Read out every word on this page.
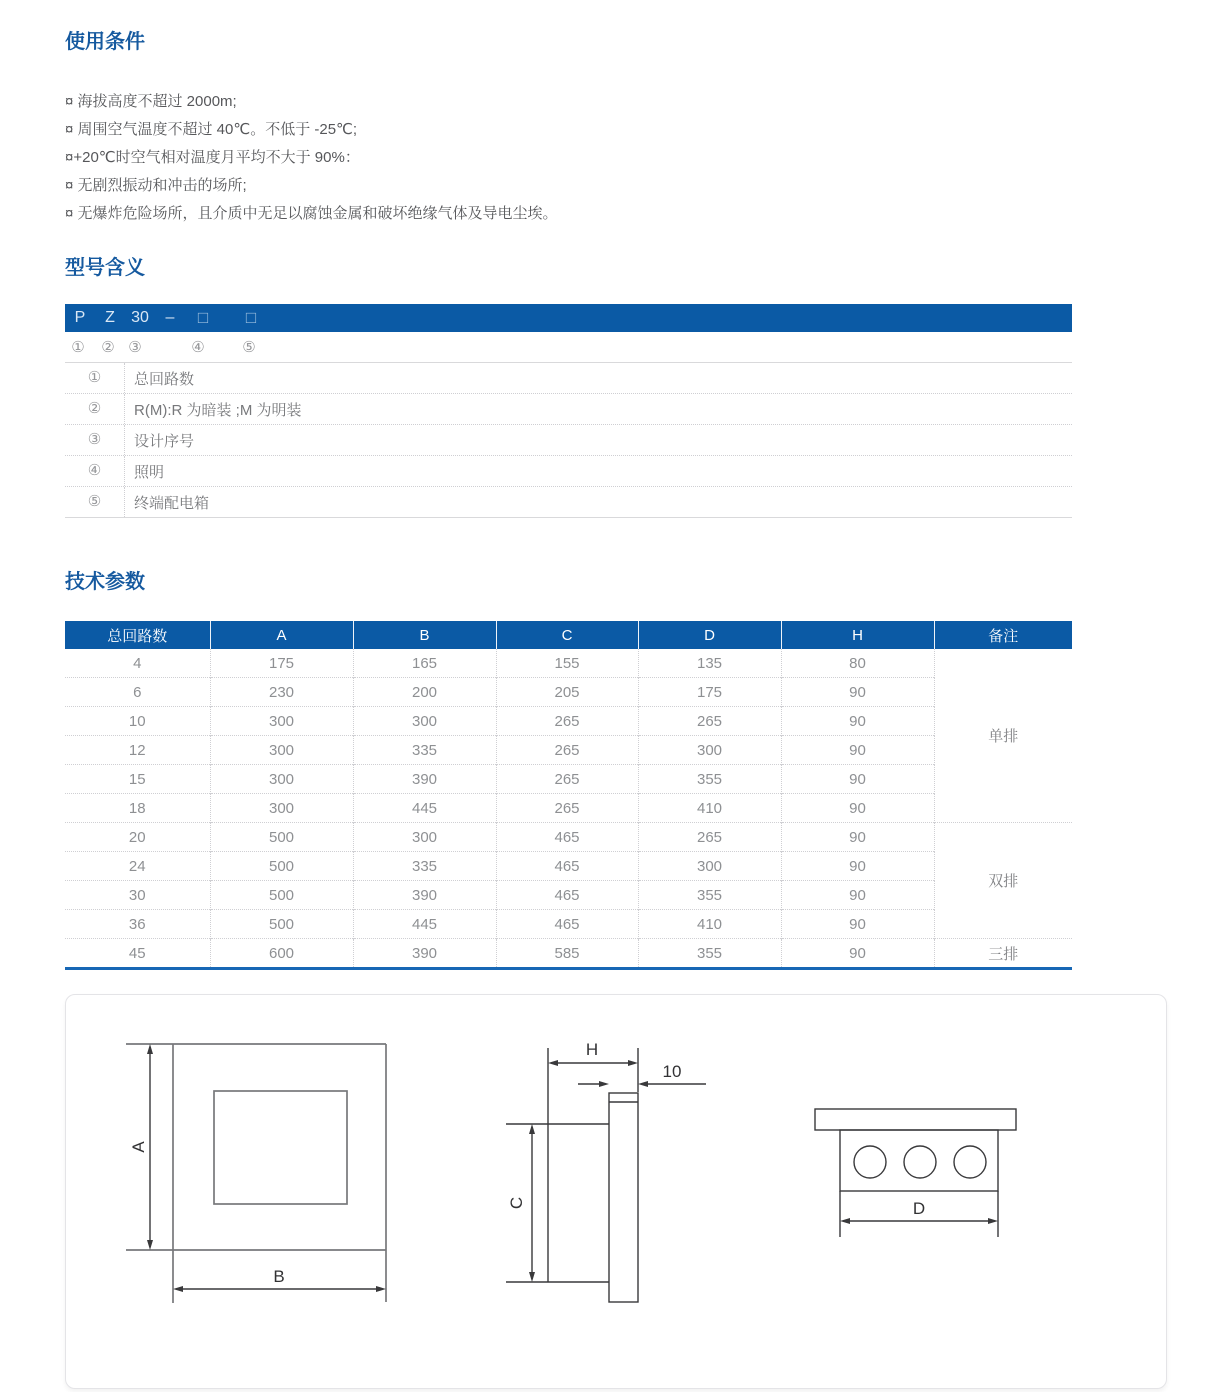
使用条件
¤ 海拔高度不超过 2000m;
¤ 周围空气温度不超过 40℃。不低于 -25℃;
¤+20℃时空气相对温度月平均不大于 90%：
¤ 无剧烈振动和冲击的场所;
¤ 无爆炸危险场所，且介质中无足以腐蚀金属和破坏绝缘气体及导电尘埃。
型号含义
P Z 30 – □ □
① ② ③	④	⑤
①	总回路数
②	R(M):R 为暗装 ;M 为明装
③	设计序号
④	照明
⑤	终端配电箱
技术参数
总回路数	A	B	C	D	H	备注
4	175	165	155	135	80	单排
6	230	200	205	175	90	
10	300	300	265	265	90	
12	300	335	265	300	90	
15	300	390	265	355	90	
18	300	445	265	410	90	
20	500	300	465	265	90	双排
24	500	335	465	300	90	
30	500	390	465	355	90	
36	500	445	465	410	90	
45	600	390	585	355	90	三排
A
B
H
10
C	D
